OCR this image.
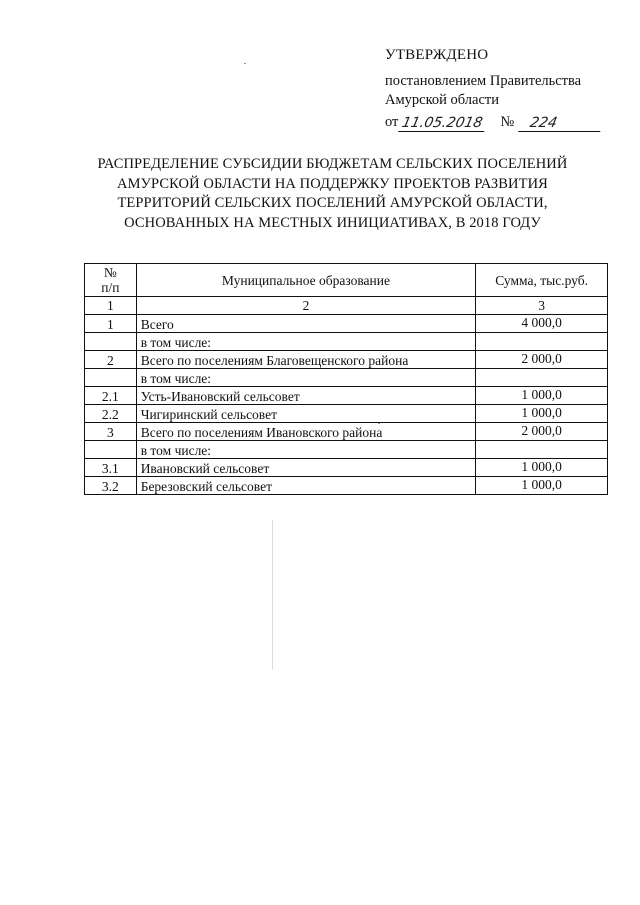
УТВЕРЖДЕНО
постановлением Правительства
Амурской области
от 11.05.2018 №	224
РАСПРЕДЕЛЕНИЕ СУБСИДИИ БЮДЖЕТАМ СЕЛЬСКИХ ПОСЕЛЕНИЙ
АМУРСКОЙ ОБЛАСТИ НА ПОДДЕРЖКУ ПРОЕКТОВ РАЗВИТИЯ
ТЕРРИТОРИЙ СЕЛЬСКИХ ПОСЕЛЕНИЙ АМУРСКОЙ ОБЛАСТИ,
ОСНОВАННЫХ НА МЕСТНЫХ ИНИЦИАТИВАХ, В 2018 ГОДУ
№
п/п	Муниципальное образование	Сумма, тыс.руб.
1	2	3
1	Всего	4 000,0
	в том числе:	
2	Всего по поселениям Благовещенского района	2 000,0
	в том числе:	
2.1	Усть-Ивановский сельсовет	1 000,0
2.2	Чигиринский сельсовет	1 000,0
3	Всего по поселениям Ивановского района	2 000,0
	в том числе:	
3.1	Ивановский сельсовет	1 000,0
3.2	Березовский сельсовет	1 000,0
